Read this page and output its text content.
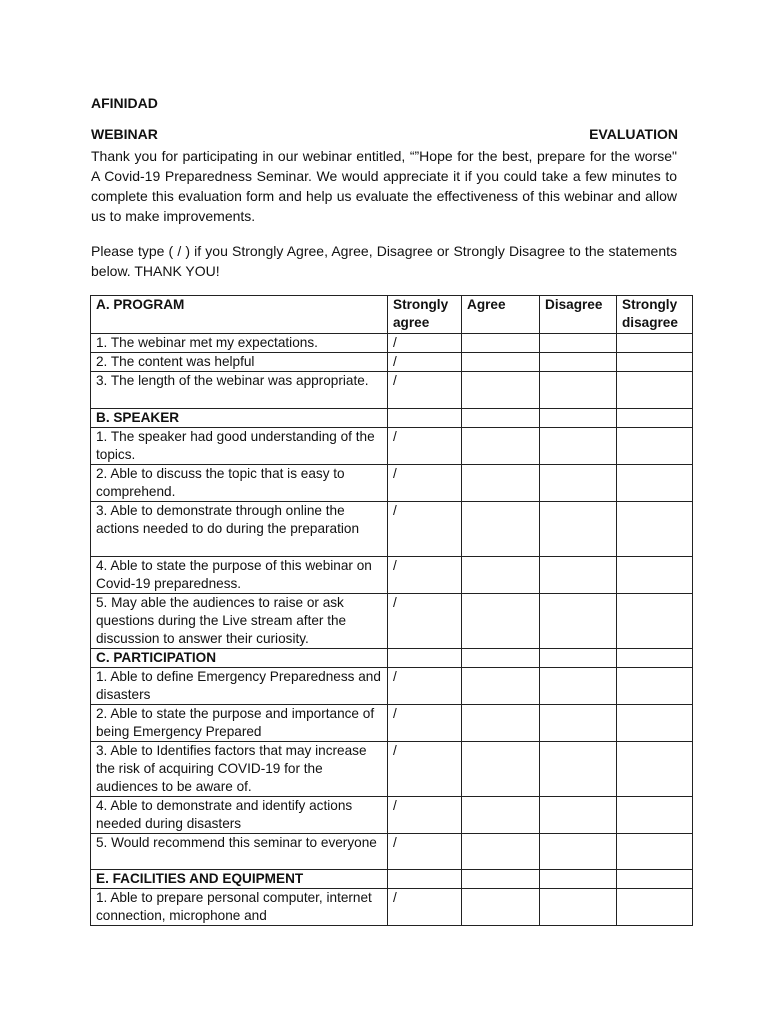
AFINIDAD
WEBINAR	EVALUATION

Thank you for participating in our webinar entitled, “”Hope for the best, prepare for the worse" A Covid-19 Preparedness Seminar. We would appreciate it if you could take a few minutes to complete this evaluation form and help us evaluate the effectiveness of this webinar and allow us to make improvements.

Please type ( / ) if you Strongly Agree, Agree, Disagree or Strongly Disagree to the statements below. THANK YOU!

A. PROGRAM	Strongly agree	Agree	Disagree	Strongly disagree
1. The webinar met my expectations.	/			
2. The content was helpful	/			
3. The length of the webinar was appropriate.	/			
B. SPEAKER				
1. The speaker had good understanding of the topics.	/			
2. Able to discuss the topic that is easy to comprehend.	/			
3. Able to demonstrate through online the actions needed to do during the preparation	/			
4. Able to state the purpose of this webinar on Covid-19 preparedness.	/			
5. May able the audiences to raise or ask questions during the Live stream after the discussion to answer their curiosity.	/			
C. PARTICIPATION				
1. Able to define Emergency Preparedness and disasters	/			
2. Able to state the purpose and importance of being Emergency Prepared	/			
3. Able to Identifies factors that may increase the risk of acquiring COVID-19 for the audiences to be aware of.	/			
4. Able to demonstrate and identify actions needed during disasters	/			
5. Would recommend this seminar to everyone	/			
E. FACILITIES AND EQUIPMENT				
1. Able to prepare personal computer, internet connection, microphone and	/			
